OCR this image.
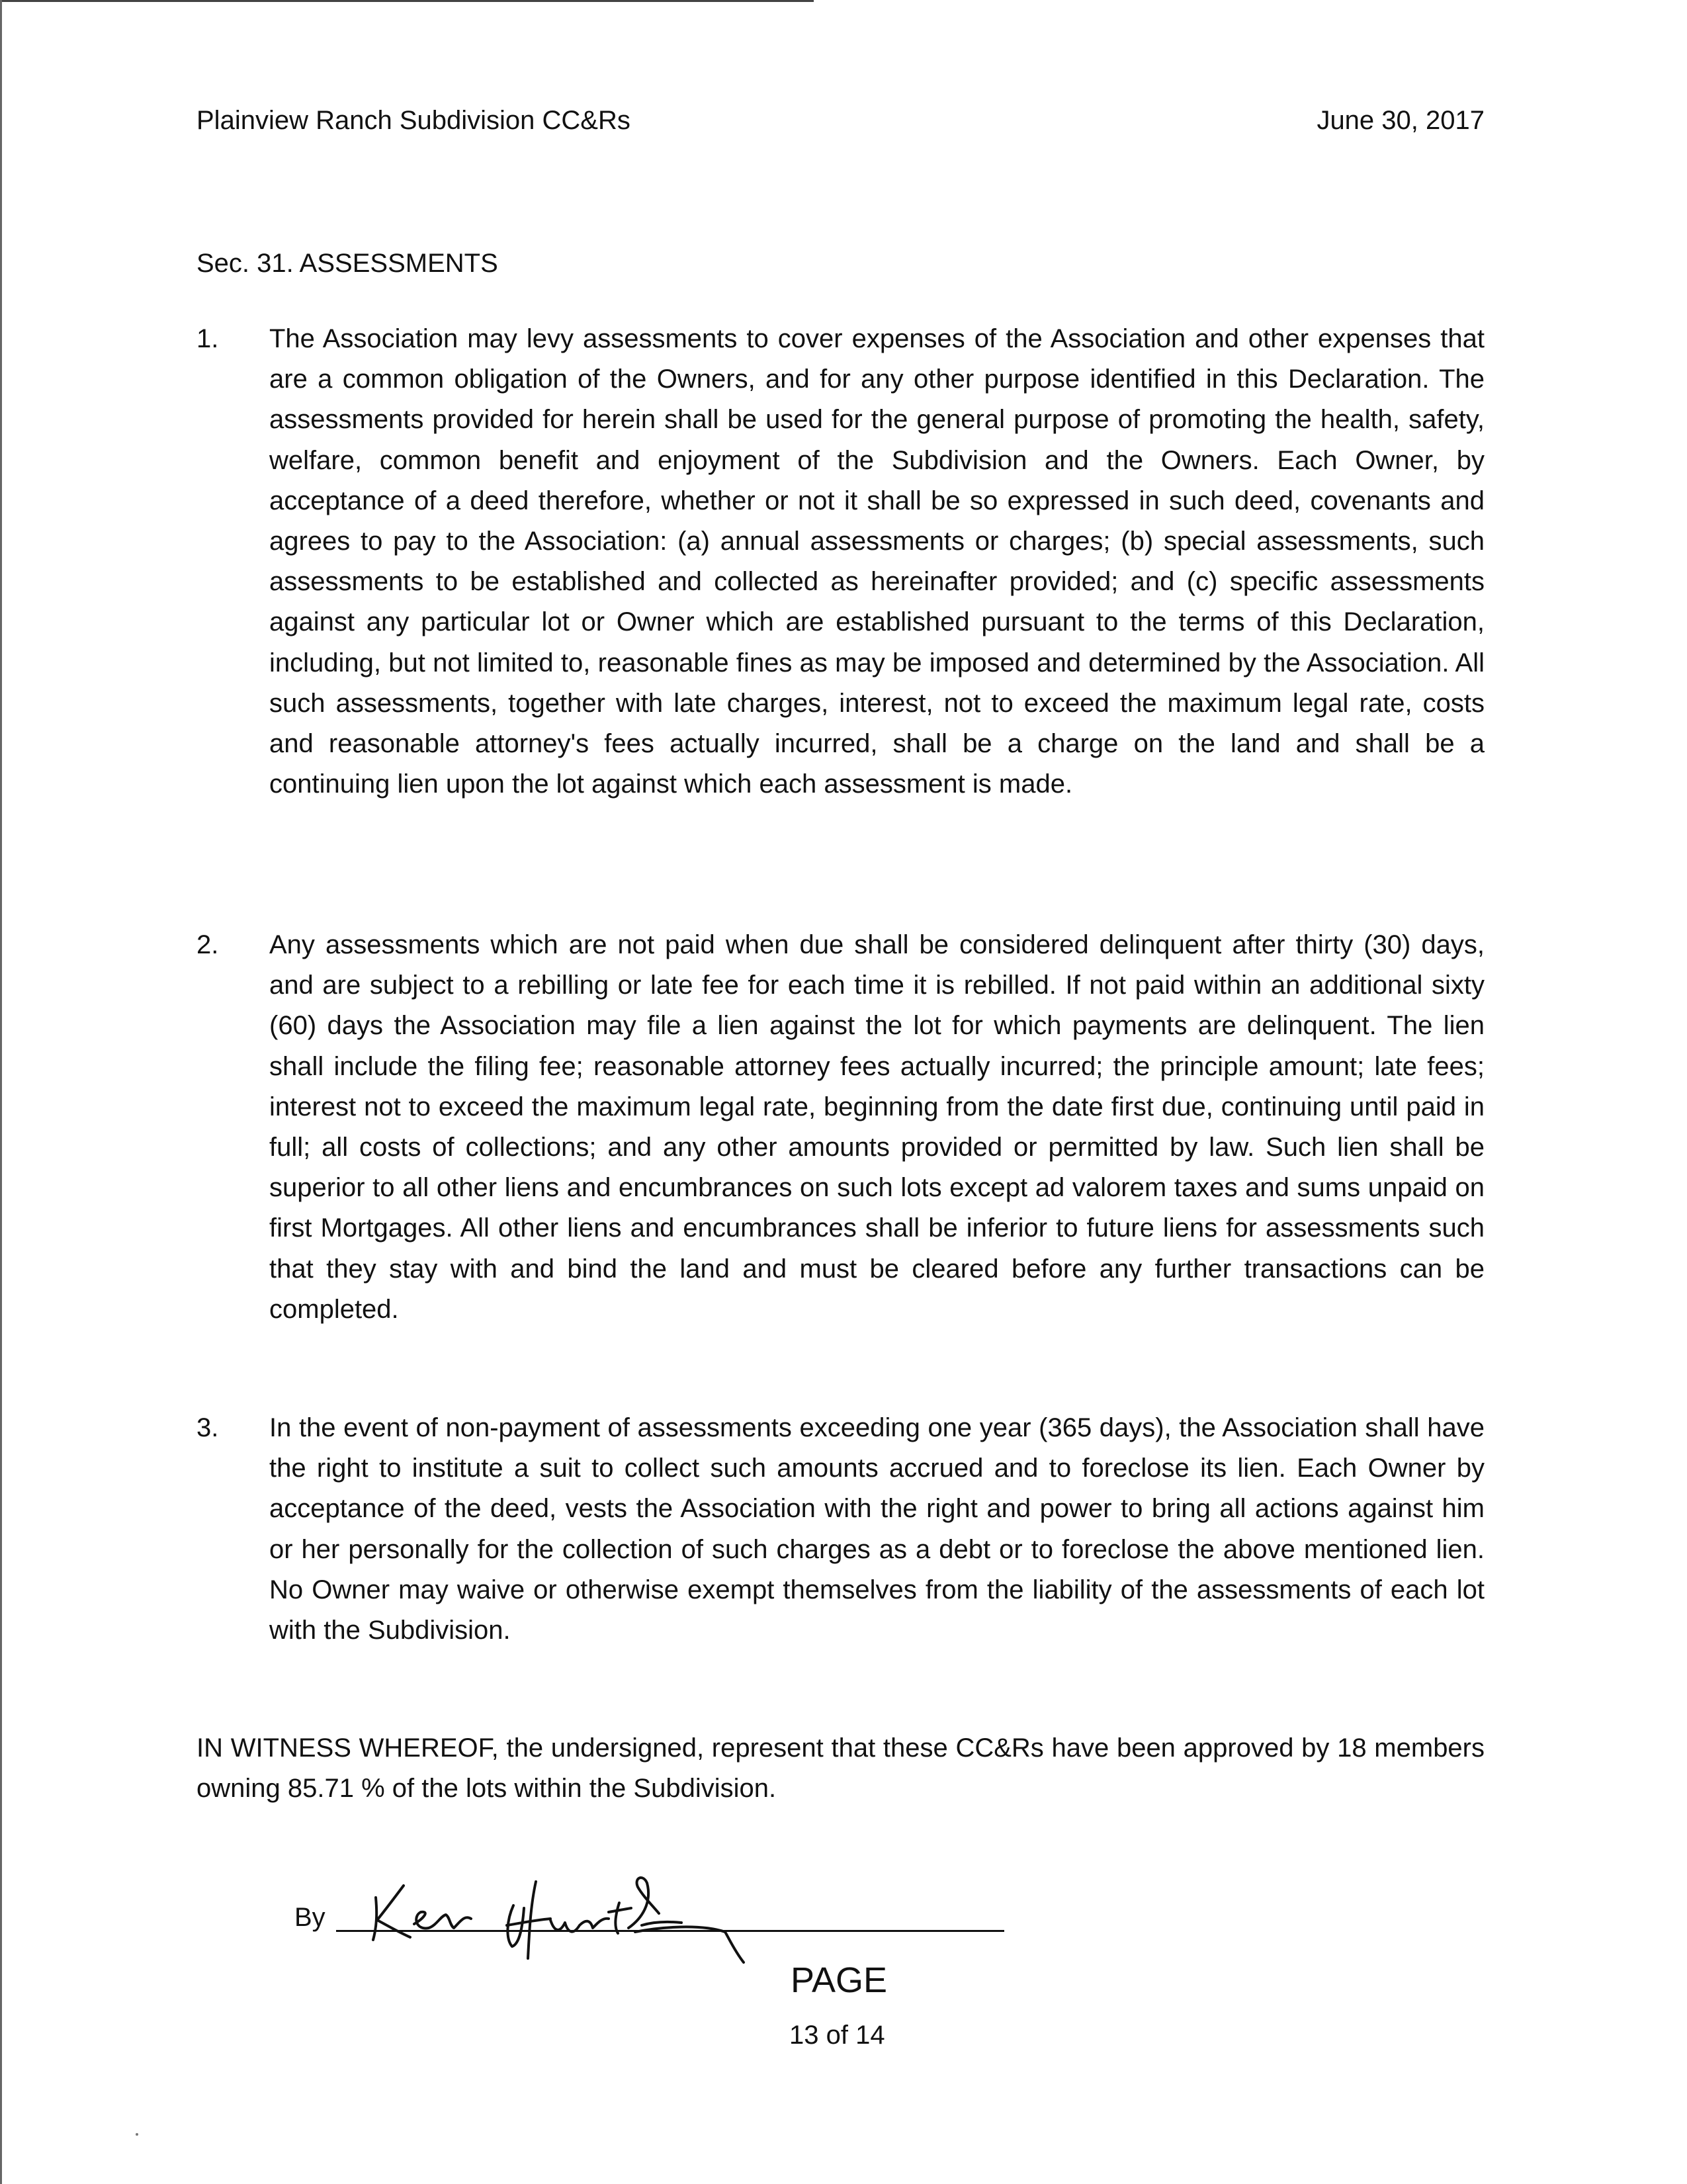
Plainview Ranch Subdivision CC&Rs	June 30, 2017
Sec. 31. ASSESSMENTS
1.	The Association may levy assessments to cover expenses of the Association and other expenses that are a common obligation of the Owners, and for any other purpose identified in this Declaration. The assessments provided for herein shall be used for the general purpose of promoting the health, safety, welfare, common benefit and enjoyment of the Subdivision and the Owners. Each Owner, by acceptance of a deed therefore, whether or not it shall be so expressed in such deed, covenants and agrees to pay to the Association: (a) annual assessments or charges; (b) special assessments, such assessments to be established and collected as hereinafter provided; and (c) specific assessments against any particular lot or Owner which are established pursuant to the terms of this Declaration, including, but not limited to, reasonable fines as may be imposed and determined by the Association. All such assessments, together with late charges, interest, not to exceed the maximum legal rate, costs and reasonable attorney's fees actually incurred, shall be a charge on the land and shall be a continuing lien upon the lot against which each assessment is made.
2.	Any assessments which are not paid when due shall be considered delinquent after thirty (30) days, and are subject to a rebilling or late fee for each time it is rebilled. If not paid within an additional sixty (60) days the Association may file a lien against the lot for which payments are delinquent. The lien shall include the filing fee; reasonable attorney fees actually incurred; the principle amount; late fees; interest not to exceed the maximum legal rate, beginning from the date first due, continuing until paid in full; all costs of collections; and any other amounts provided or permitted by law. Such lien shall be superior to all other liens and encumbrances on such lots except ad valorem taxes and sums unpaid on first Mortgages. All other liens and encumbrances shall be inferior to future liens for assessments such that they stay with and bind the land and must be cleared before any further transactions can be completed.
3.	In the event of non-payment of assessments exceeding one year (365 days), the Association shall have the right to institute a suit to collect such amounts accrued and to foreclose its lien. Each Owner by acceptance of the deed, vests the Association with the right and power to bring all actions against him or her personally for the collection of such charges as a debt or to foreclose the above mentioned lien. No Owner may waive or otherwise exempt themselves from the liability of the assessments of each lot with the Subdivision.
IN WITNESS WHEREOF, the undersigned, represent that these CC&Rs have been approved by 18 members owning 85.71 % of the lots within the Subdivision.
By
PAGE
13 of 14
